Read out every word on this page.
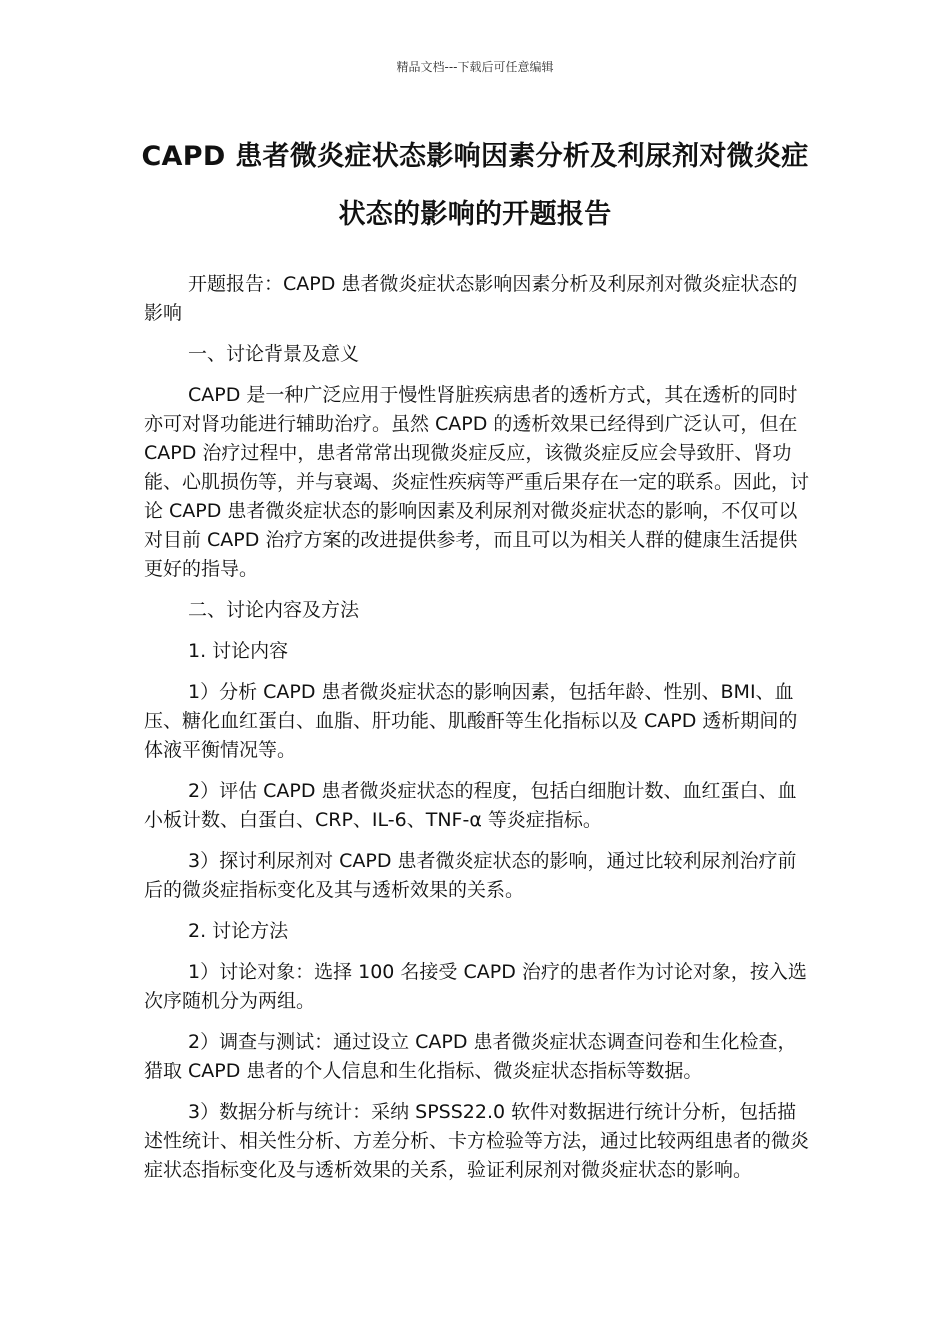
精品文档---下载后可任意编辑
CAPD 患者微炎症状态影响因素分析及利尿剂对微炎症状态的影响的开题报告

开题报告：CAPD 患者微炎症状态影响因素分析及利尿剂对微炎症状态的影响

一、讨论背景及意义

CAPD 是一种广泛应用于慢性肾脏疾病患者的透析方式，其在透析的同时亦可对肾功能进行辅助治疗。虽然 CAPD 的透析效果已经得到广泛认可，但在 CAPD 治疗过程中，患者常常出现微炎症反应，该微炎症反应会导致肝、肾功能、心肌损伤等，并与衰竭、炎症性疾病等严重后果存在一定的联系。因此，讨论 CAPD 患者微炎症状态的影响因素及利尿剂对微炎症状态的影响，不仅可以对目前 CAPD 治疗方案的改进提供参考，而且可以为相关人群的健康生活提供更好的指导。

二、讨论内容及方法

1. 讨论内容

1）分析 CAPD 患者微炎症状态的影响因素，包括年龄、性别、BMI、血压、糖化血红蛋白、血脂、肝功能、肌酸酐等生化指标以及 CAPD 透析期间的体液平衡情况等。

2）评估 CAPD 患者微炎症状态的程度，包括白细胞计数、血红蛋白、血小板计数、白蛋白、CRP、IL-6、TNF-α 等炎症指标。

3）探讨利尿剂对 CAPD 患者微炎症状态的影响，通过比较利尿剂治疗前后的微炎症指标变化及其与透析效果的关系。

2. 讨论方法

1）讨论对象：选择 100 名接受 CAPD 治疗的患者作为讨论对象，按入选次序随机分为两组。

2）调查与测试：通过设立 CAPD 患者微炎症状态调查问卷和生化检查，猎取 CAPD 患者的个人信息和生化指标、微炎症状态指标等数据。

3）数据分析与统计：采纳 SPSS22.0 软件对数据进行统计分析，包括描述性统计、相关性分析、方差分析、卡方检验等方法，通过比较两组患者的微炎症状态指标变化及与透析效果的关系，验证利尿剂对微炎症状态的影响。
